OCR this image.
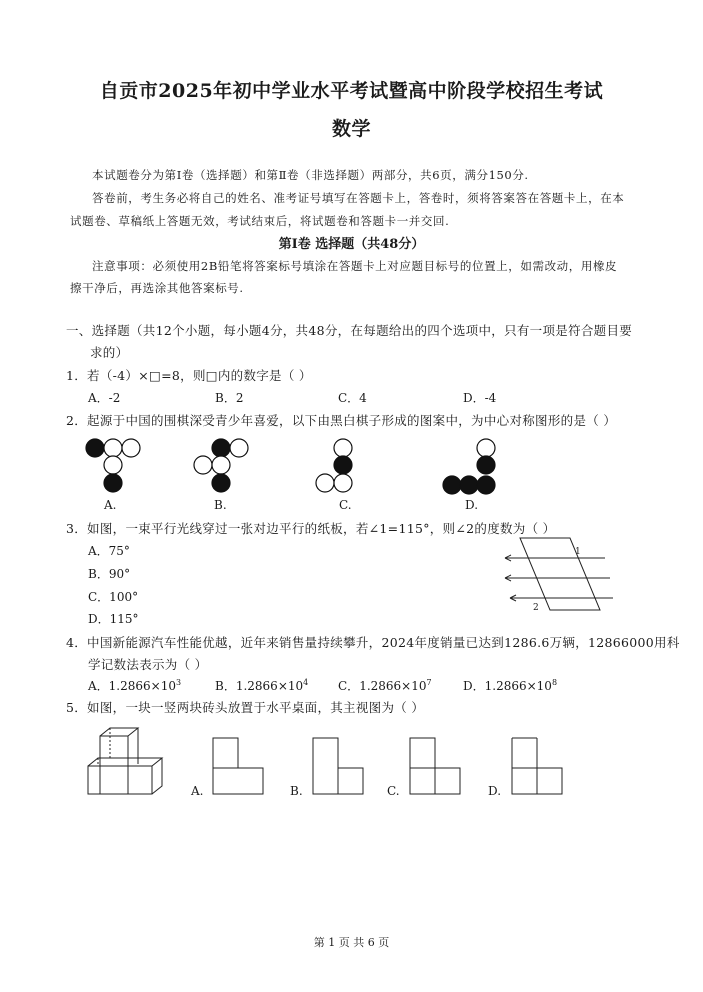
自贡市2025年初中学业水平考试暨高中阶段学校招生考试
数学
本试题卷分为第Ⅰ卷（选择题）和第Ⅱ卷（非选择题）两部分，共6页，满分150分.
答卷前，考生务必将自己的姓名、准考证号填写在答题卡上，答卷时，须将答案答在答题卡上，在本
试题卷、草稿纸上答题无效，考试结束后，将试题卷和答题卡一并交回.
第Ⅰ卷 选择题（共48分）
注意事项：必须使用2B铅笔将答案标号填涂在答题卡上对应题目标号的位置上，如需改动，用橡皮
擦干净后，再选涂其他答案标号.
一、选择题（共12个小题，每小题4分，共48分，在每题给出的四个选项中，只有一项是符合题目要
求的）
1．若（-4）×□=8，则□内的数字是（ ）
A．-2	B．2	C．4	D．-4
2．起源于中国的围棋深受青少年喜爱，以下由黑白棋子形成的图案中，为中心对称图形的是（ ）
A.	B.	C.	D.
3．如图，一束平行光线穿过一张对边平行的纸板，若∠1=115°，则∠2的度数为（ ）
A．75°
B．90°
C．100°
D．115°
1
2
4．中国新能源汽车性能优越，近年来销售量持续攀升，2024年度销量已达到1286.6万辆，12866000用科
学记数法表示为（ ）
A．$1.2866\times 10^3$	B．$1.2866\times 10^4$ C．$1.2866\times 10^7$	D．$1.2866\times 10^8$
5．如图，一块一竖两块砖头放置于水平桌面，其主视图为（ ）
A.	B.	C.	D.
第 1 页 共 6 页
